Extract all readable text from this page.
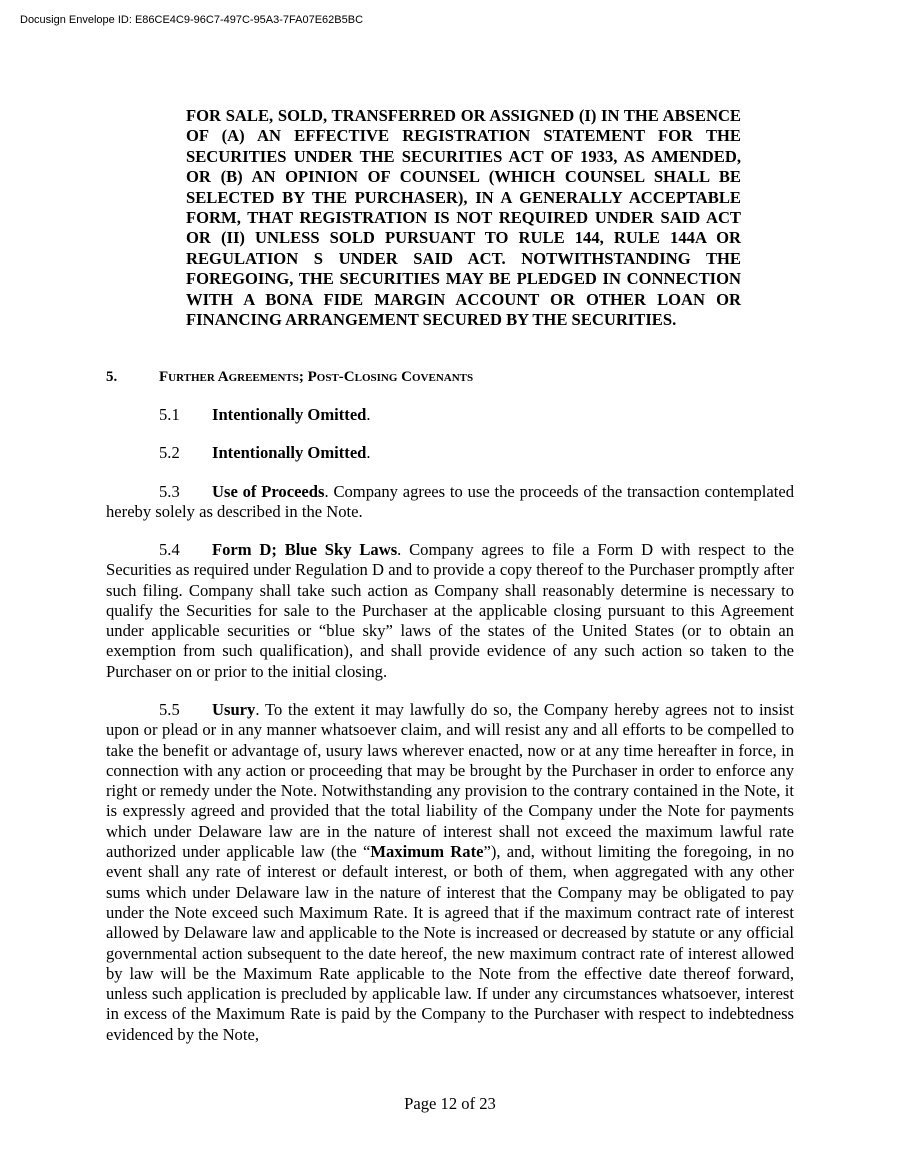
Docusign Envelope ID: E86CE4C9-96C7-497C-95A3-7FA07E62B5BC
FOR SALE, SOLD, TRANSFERRED OR ASSIGNED (I) IN THE ABSENCE OF (A) AN EFFECTIVE REGISTRATION STATEMENT FOR THE SECURITIES UNDER THE SECURITIES ACT OF 1933, AS AMENDED, OR (B) AN OPINION OF COUNSEL (WHICH COUNSEL SHALL BE SELECTED BY THE PURCHASER), IN A GENERALLY ACCEPTABLE FORM, THAT REGISTRATION IS NOT REQUIRED UNDER SAID ACT OR (II) UNLESS SOLD PURSUANT TO RULE 144, RULE 144A OR REGULATION S UNDER SAID ACT. NOTWITHSTANDING THE FOREGOING, THE SECURITIES MAY BE PLEDGED IN CONNECTION WITH A BONA FIDE MARGIN ACCOUNT OR OTHER LOAN OR FINANCING ARRANGEMENT SECURED BY THE SECURITIES.
5.	Further Agreements; Post-Closing Covenants
5.1 Intentionally Omitted.
5.2 Intentionally Omitted.
5.3 Use of Proceeds. Company agrees to use the proceeds of the transaction contemplated hereby solely as described in the Note.
5.4 Form D; Blue Sky Laws. Company agrees to file a Form D with respect to the Securities as required under Regulation D and to provide a copy thereof to the Purchaser promptly after such filing. Company shall take such action as Company shall reasonably determine is necessary to qualify the Securities for sale to the Purchaser at the applicable closing pursuant to this Agreement under applicable securities or “blue sky” laws of the states of the United States (or to obtain an exemption from such qualification), and shall provide evidence of any such action so taken to the Purchaser on or prior to the initial closing.
5.5 Usury. To the extent it may lawfully do so, the Company hereby agrees not to insist upon or plead or in any manner whatsoever claim, and will resist any and all efforts to be compelled to take the benefit or advantage of, usury laws wherever enacted, now or at any time hereafter in force, in connection with any action or proceeding that may be brought by the Purchaser in order to enforce any right or remedy under the Note. Notwithstanding any provision to the contrary contained in the Note, it is expressly agreed and provided that the total liability of the Company under the Note for payments which under Delaware law are in the nature of interest shall not exceed the maximum lawful rate authorized under applicable law (the “Maximum Rate”), and, without limiting the foregoing, in no event shall any rate of interest or default interest, or both of them, when aggregated with any other sums which under Delaware law in the nature of interest that the Company may be obligated to pay under the Note exceed such Maximum Rate. It is agreed that if the maximum contract rate of interest allowed by Delaware law and applicable to the Note is increased or decreased by statute or any official governmental action subsequent to the date hereof, the new maximum contract rate of interest allowed by law will be the Maximum Rate applicable to the Note from the effective date thereof forward, unless such application is precluded by applicable law. If under any circumstances whatsoever, interest in excess of the Maximum Rate is paid by the Company to the Purchaser with respect to indebtedness evidenced by the Note,
Page 12 of 23
